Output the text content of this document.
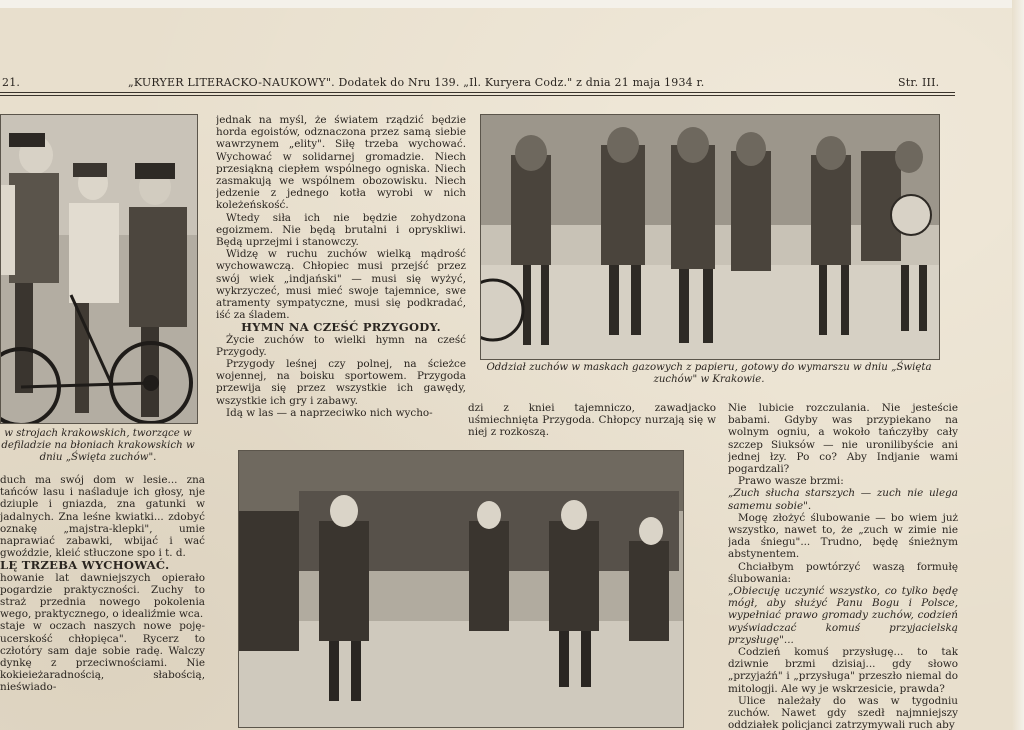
21.	„KURYER LITERACKO-NAUKOWY". Dodatek do Nru 139. „Il. Kuryera Codz." z dnia 21 maja 1934 r.	Str. III.
w strojach krakowskich, tworzące w defiladzie na błoniach krakowskich w dniu „Święta zuchów".

duch ma swój dom w lesie... zna tańców lasu i naśladuje ich głosy, nje dziuple i gniazda, zna gatunki w jadalnych. Zna leśne kwiatki... zdobyć oznakę „majstra-klepki", umie naprawiać zabawki, wbijać i wać gwoździe, kleić stłuczone spo i t. d.

LĘ TRZEBA WYCHOWAĆ.

howanie lat dawniejszych opierało pogardzie praktyczności. Zuchy to straż przednia nowego pokolenia wego, praktycznego, o idealiźmie wca.

staje w oczach naszych nowe poję- ucerskość chłopięca". Rycerz to człotóry sam daje sobie radę. Walczy dynkę z przeciwnościami. Nie kokieieżaradnością, słabością, nieświado-

jednak na myśl, że światem rządzić będzie horda egoistów, odznaczona przez samą siebie wawrzynem „elity". Siłę trzeba wychować. Wychować w solidarnej gromadzie. Niech przesiąkną ciepłem wspólnego ogniska. Niech zasmakują we wspólnem obozowisku. Niech jedzenie z jednego kotła wyrobi w nich koleżeńskość.

Wtedy siła ich nie będzie zohydzona egoizmem. Nie będą brutalni i opryskliwi. Będą uprzejmi i stanowczy.

Widzę w ruchu zuchów wielką mądrość wychowawczą. Chłopiec musi przejść przez swój wiek „indjański" — musi się wyżyć, wykrzyczeć, musi mieć swoje tajemnice, swe atramenty sympatyczne, musi się podkradać, iść za śladem.

HYMN NA CZEŚĆ PRZYGODY.

Życie zuchów to wielki hymn na cześć Przygody.

Przygody leśnej czy polnej, na ścieżce wojennej, na boisku sportowem. Przygoda przewija się przez wszystkie ich gawędy, wszystkie ich gry i zabawy.

Idą w las — a naprzeciwko nich wycho-

Oddział zuchów w maskach gazowych z papieru, gotowy do wymarszu w dniu „Święta zuchów" w Krakowie.

dzi z kniei tajemniczo, zawadjacko uśmiechnięta Przygoda. Chłopcy nurzają się w niej z rozkoszą.

Nie lubicie rozczulania. Nie jesteście babami. Gdyby was przypiekano na wolnym ogniu, a wokoło tańczyłby cały szczep Siuksów — nie uronilibyście ani jednej łzy. Po co? Aby Indjanie wami pogardzali?

Prawo wasze brzmi:

„Zuch słucha starszych — zuch nie ulega samemu sobie".

Mogę złożyć ślubowanie — bo wiem już wszystko, nawet to, że „zuch w zimie nie jada śniegu"... Trudno, będę śnieżnym abstynentem.

Chciałbym powtórzyć waszą formułę ślubowania:

„Obiecuję uczynić wszystko, co tylko będę mógł, aby służyć Panu Bogu i Polsce, wypełniać prawo gromady zuchów, codzień wyświadczać komuś przyjacielską przysługę"...

Codzień komuś przysługę... to tak dziwnie brzmi dzisiaj... gdy słowo „przyjaźń" i „przysługa" przeszło niemal do mitologji. Ale wy je wskrzesicie, prawda?

Ulice należały do was w tygodniu zuchów. Nawet gdy szedł najmniejszy oddziałek policjanci zatrzymywali ruch aby
